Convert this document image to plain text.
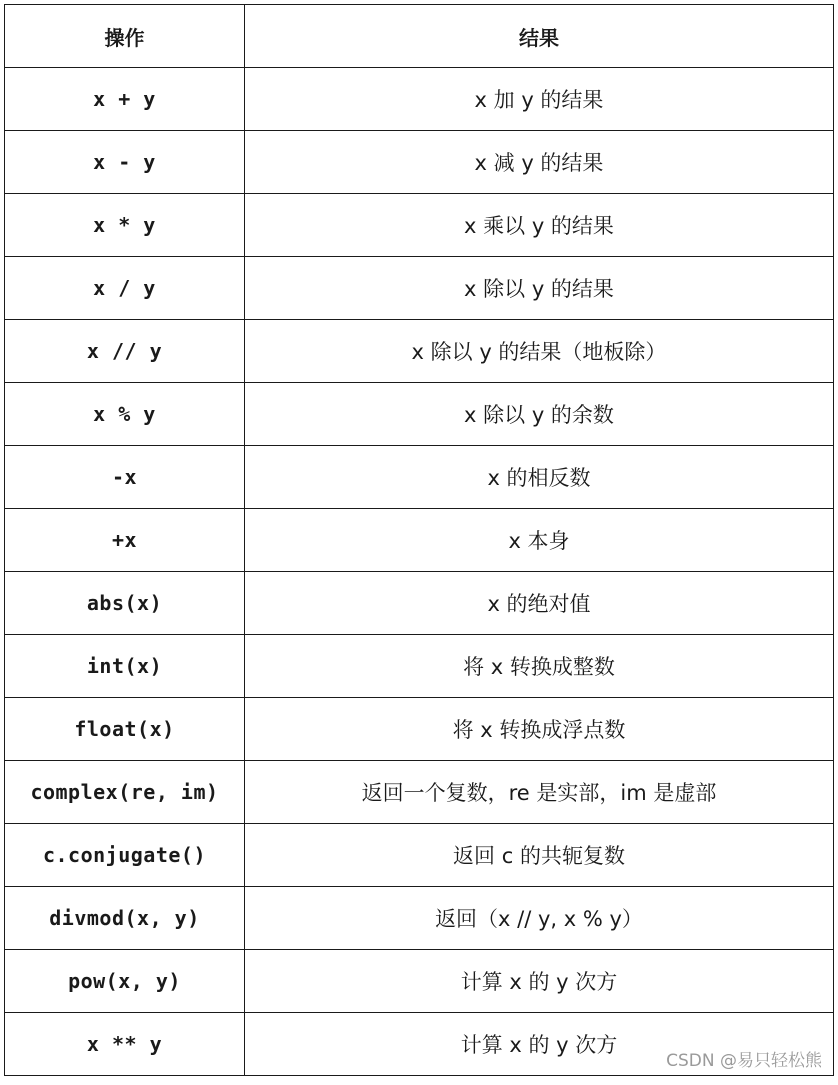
操作	结果
x + y	x 加 y 的结果
x - y	x 减 y 的结果
x * y	x 乘以 y 的结果
x / y	x 除以 y 的结果
x // y	x 除以 y 的结果（地板除）
x % y	x 除以 y 的余数
-x	x 的相反数
+x	x 本身
abs(x)	x 的绝对值
int(x)	将 x 转换成整数
float(x)	将 x 转换成浮点数
complex(re, im)	返回一个复数，re 是实部，im 是虚部
c.conjugate()	返回 c 的共轭复数
divmod(x, y)	返回（x // y, x % y）
pow(x, y)	计算 x 的 y 次方
x ** y	计算 x 的 y 次方
CSDN @易只轻松熊
